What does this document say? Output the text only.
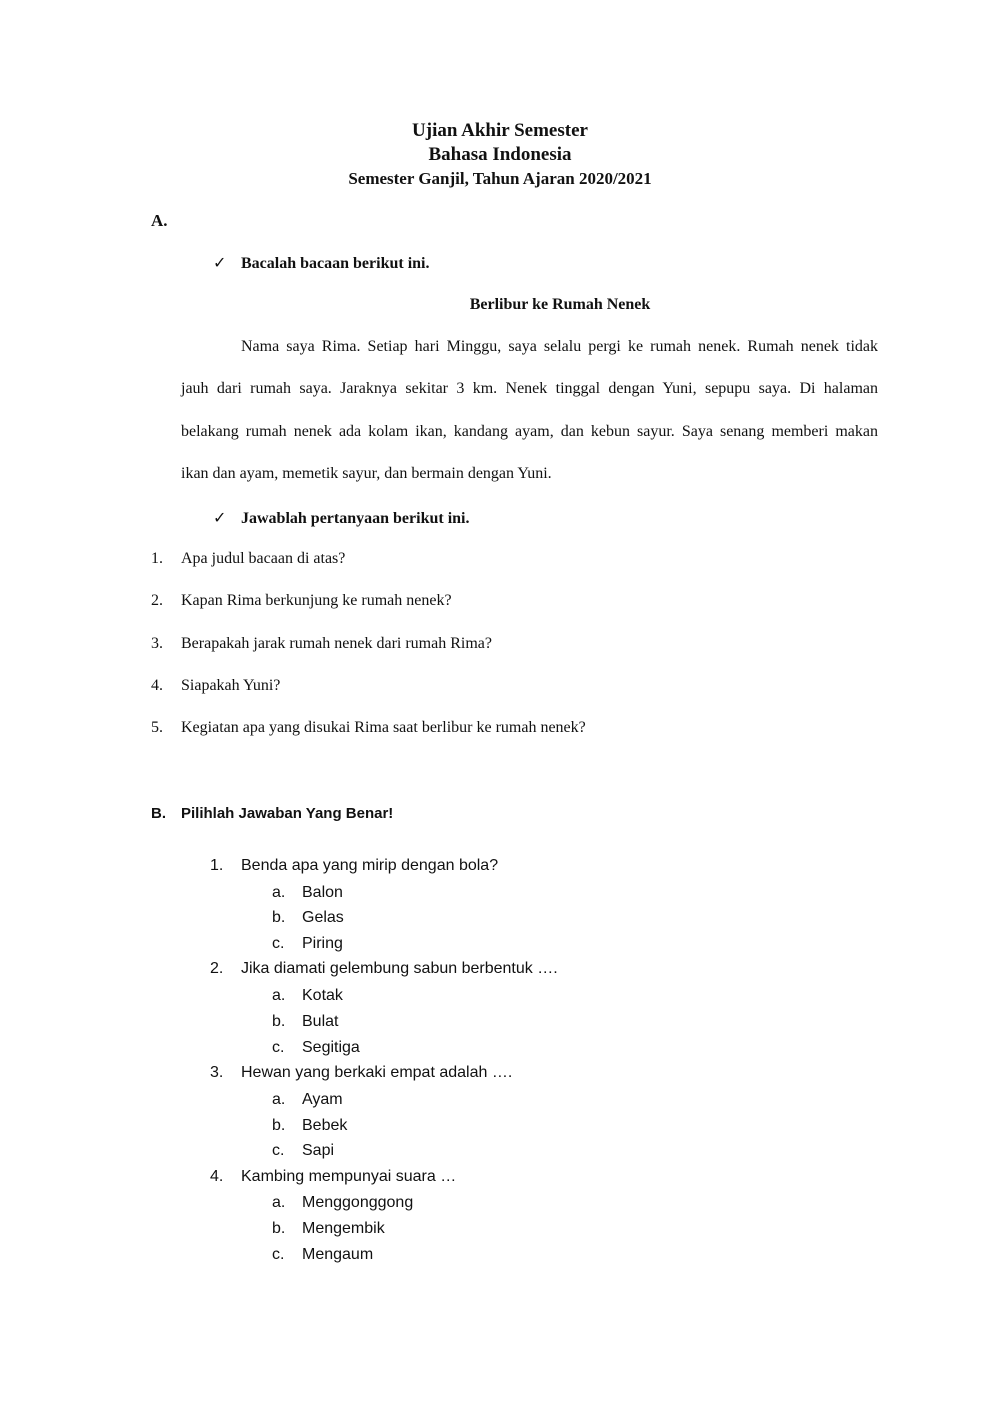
Ujian Akhir Semester
Bahasa Indonesia
Semester Ganjil, Tahun Ajaran 2020/2021
A.
✓ Bacalah bacaan berikut ini.
Berlibur ke Rumah Nenek
Nama saya Rima. Setiap hari Minggu, saya selalu pergi ke rumah nenek. Rumah nenek tidak
jauh dari rumah saya. Jaraknya sekitar 3 km. Nenek tinggal dengan Yuni, sepupu saya. Di halaman
belakang rumah nenek ada kolam ikan, kandang ayam, dan kebun sayur. Saya senang memberi makan
ikan dan ayam, memetik sayur, dan bermain dengan Yuni.
✓ Jawablah pertanyaan berikut ini.
1. Apa judul bacaan di atas?
2. Kapan Rima berkunjung ke rumah nenek?
3. Berapakah jarak rumah nenek dari rumah Rima?
4. Siapakah Yuni?
5. Kegiatan apa yang disukai Rima saat berlibur ke rumah nenek?
B. Pilihlah Jawaban Yang Benar!
1. Benda apa yang mirip dengan bola?
a. Balon
b. Gelas
c. Piring
2. Jika diamati gelembung sabun berbentuk ….
a. Kotak
b. Bulat
c. Segitiga
3. Hewan yang berkaki empat adalah ….
a. Ayam
b. Bebek
c. Sapi
4. Kambing mempunyai suara …
a. Menggonggong
b. Mengembik
c. Mengaum
